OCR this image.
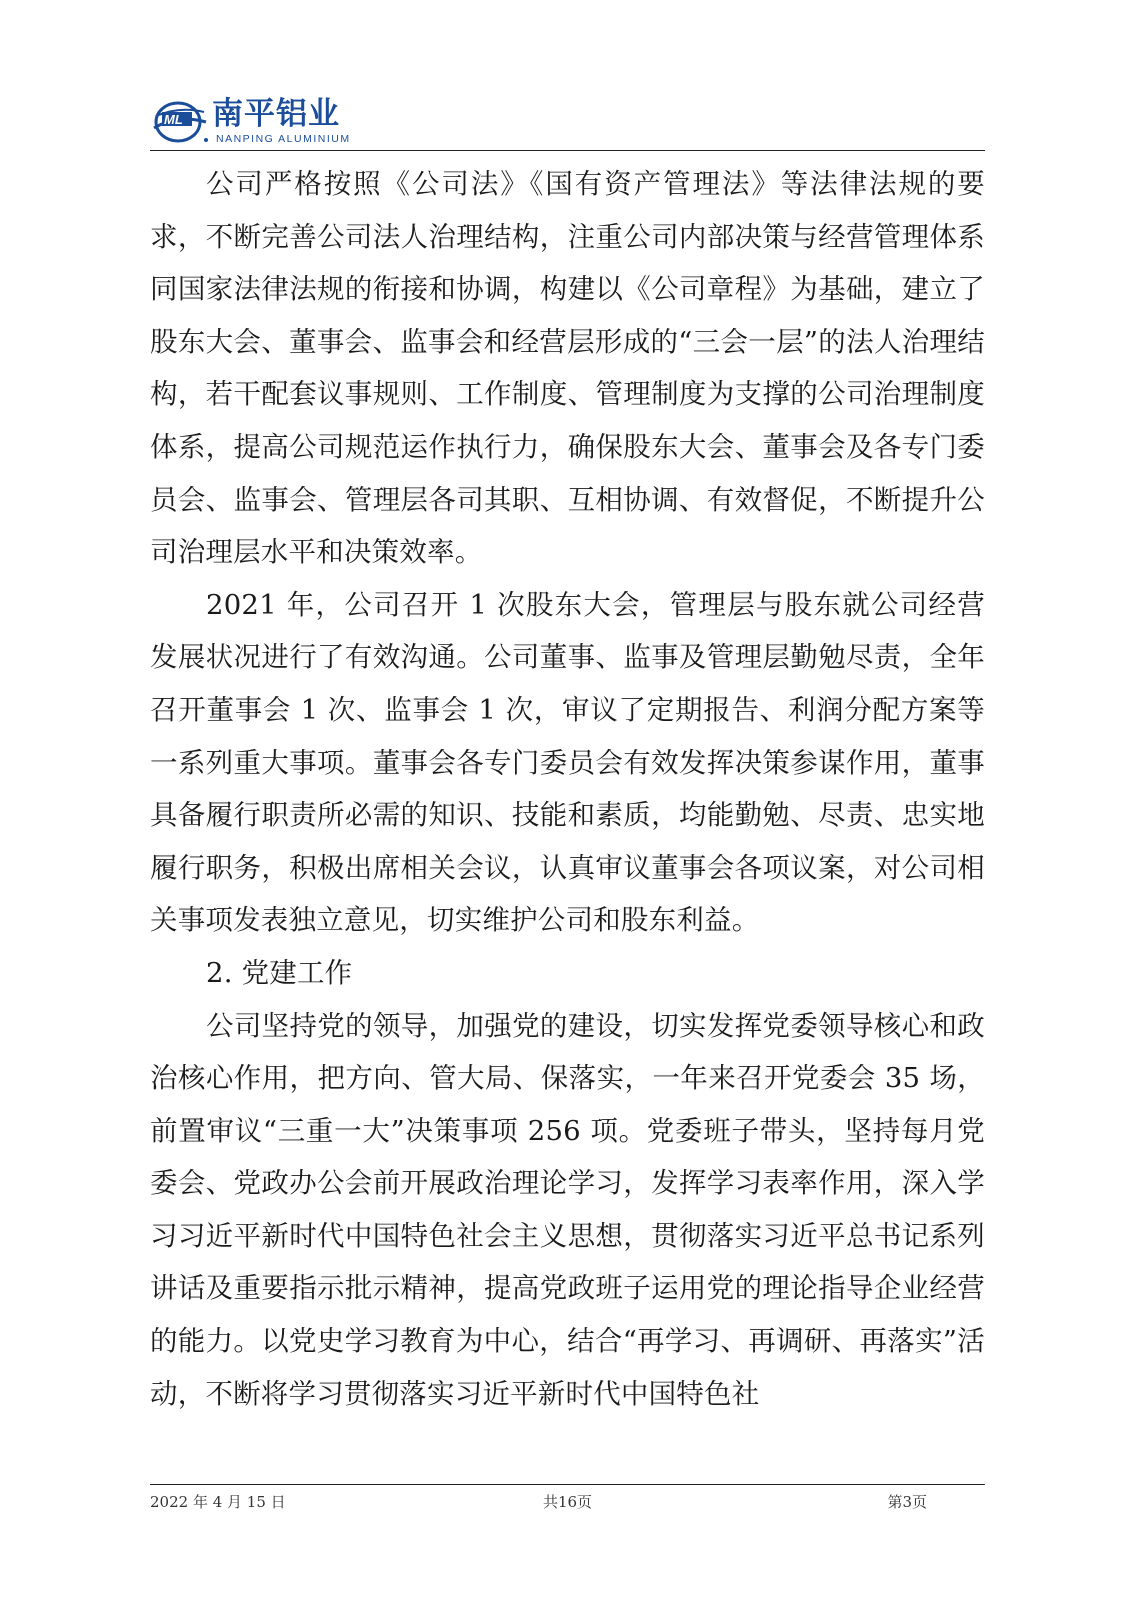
ML 南平铝业
NANPING ALUMINIUM

公司严格按照《公司法》《国有资产管理法》等法律法规的要求，不断完善公司法人治理结构，注重公司内部决策与经营管理体系同国家法律法规的衔接和协调，构建以《公司章程》为基础，建立了股东大会、董事会、监事会和经营层形成的“三会一层”的法人治理结构，若干配套议事规则、工作制度、管理制度为支撑的公司治理制度体系，提高公司规范运作执行力，确保股东大会、董事会及各专门委员会、监事会、管理层各司其职、互相协调、有效督促，不断提升公司治理层水平和决策效率。

2021 年，公司召开 1 次股东大会，管理层与股东就公司经营发展状况进行了有效沟通。公司董事、监事及管理层勤勉尽责，全年召开董事会 1 次、监事会 1 次，审议了定期报告、利润分配方案等一系列重大事项。董事会各专门委员会有效发挥决策参谋作用，董事具备履行职责所必需的知识、技能和素质，均能勤勉、尽责、忠实地履行职务，积极出席相关会议，认真审议董事会各项议案，对公司相关事项发表独立意见，切实维护公司和股东利益。

2. 党建工作

公司坚持党的领导，加强党的建设，切实发挥党委领导核心和政治核心作用，把方向、管大局、保落实，一年来召开党委会 35 场，前置审议“三重一大”决策事项 256 项。党委班子带头，坚持每月党委会、党政办公会前开展政治理论学习，发挥学习表率作用，深入学习习近平新时代中国特色社会主义思想，贯彻落实习近平总书记系列讲话及重要指示批示精神，提高党政班子运用党的理论指导企业经营的能力。以党史学习教育为中心，结合“再学习、再调研、再落实”活动，不断将学习贯彻落实习近平新时代中国特色社

2022 年 4 月 15 日	共16页	第3页
